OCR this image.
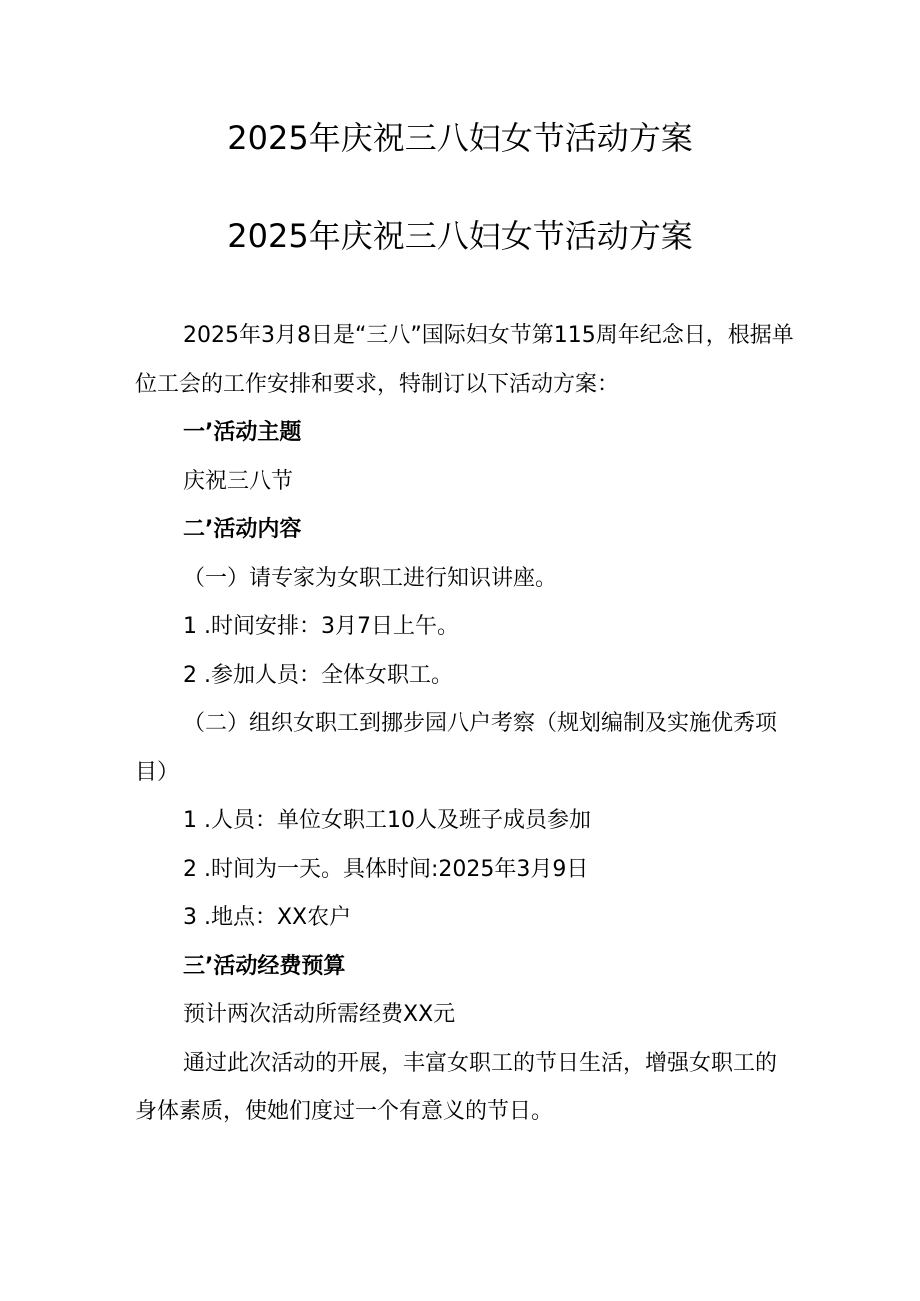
2025年庆祝三八妇女节活动方案
2025年庆祝三八妇女节活动方案

2025年3月8日是“三八”国际妇女节第115周年纪念日，根据单位工会的工作安排和要求，特制订以下活动方案：

一’活动主题

庆祝三八节

二’活动内容

（一）请专家为女职工进行知识讲座。

1 .时间安排：3月7日上午。

2 .参加人员：全体女职工。

（二）组织女职工到挪步园八户考察（规划编制及实施优秀项目）

1 .人员：单位女职工10人及班子成员参加

2 .时间为一天。具体时间:2025年3月9日

3 .地点：XX农户

三’活动经费预算

预计两次活动所需经费XX元

通过此次活动的开展，丰富女职工的节日生活，增强女职工的身体素质，使她们度过一个有意义的节日。
